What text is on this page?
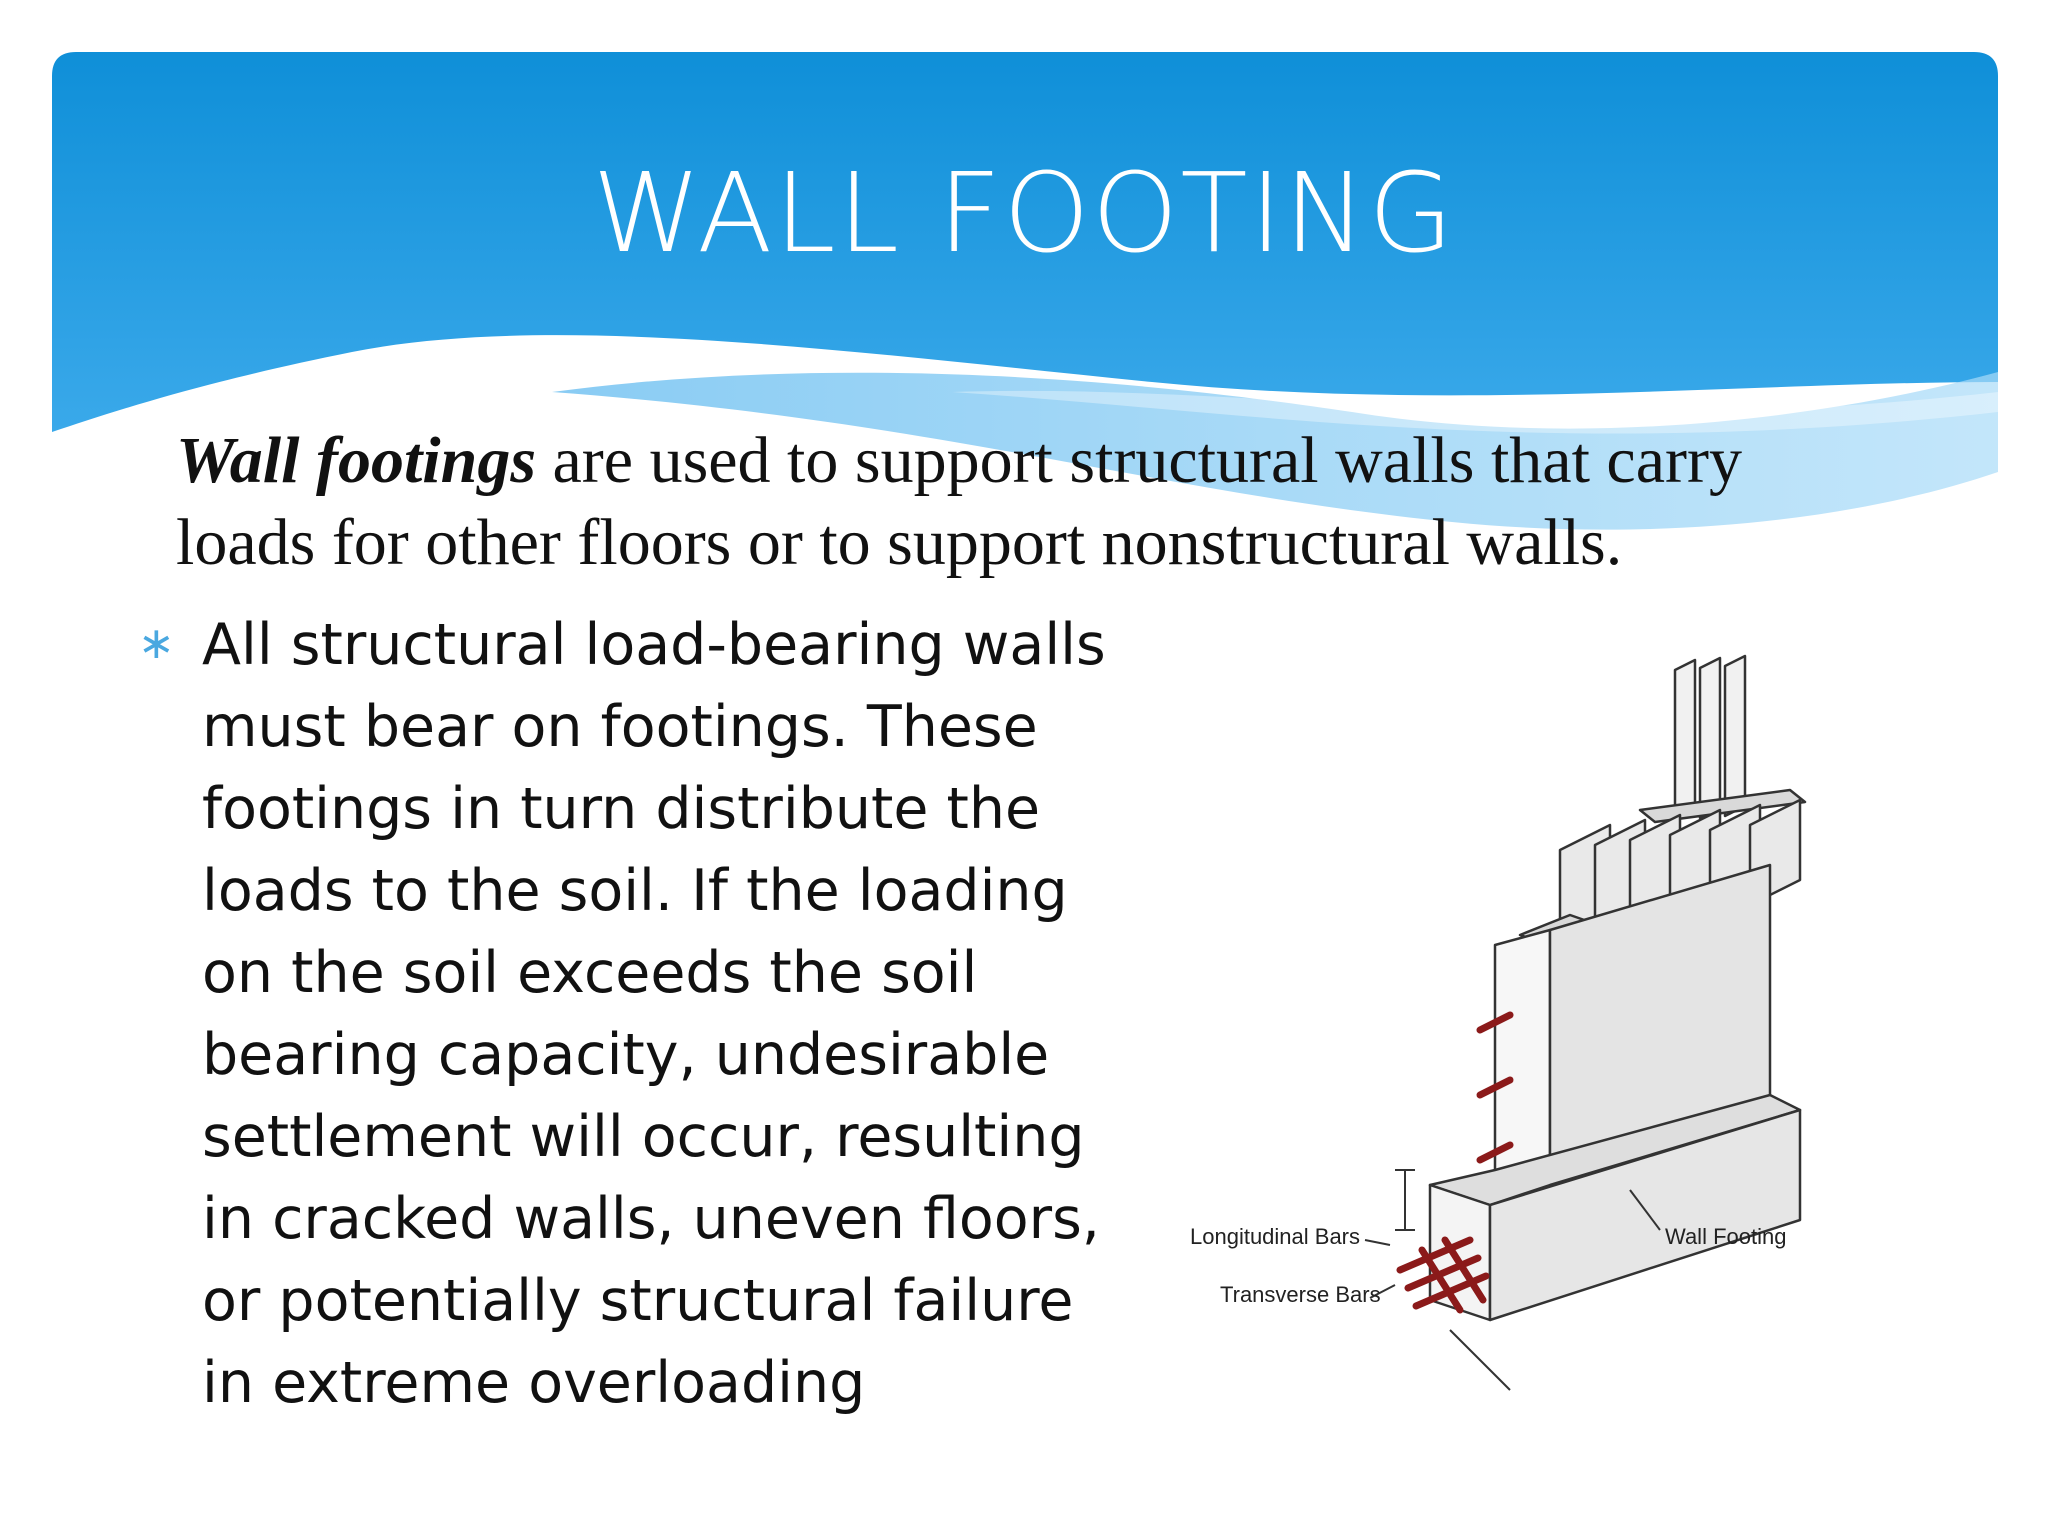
WALL FOOTING
Wall footings are used to support structural walls that carry loads for other floors or to support nonstructural walls.
∗ All structural load-bearing walls must bear on footings. These footings in turn distribute the loads to the soil. If the loading on the soil exceeds the soil bearing capacity, undesirable settlement will occur, resulting in cracked walls, uneven floors, or potentially structural failure in extreme overloading
Longitudinal Bars
Transverse Bars
Wall Footing
